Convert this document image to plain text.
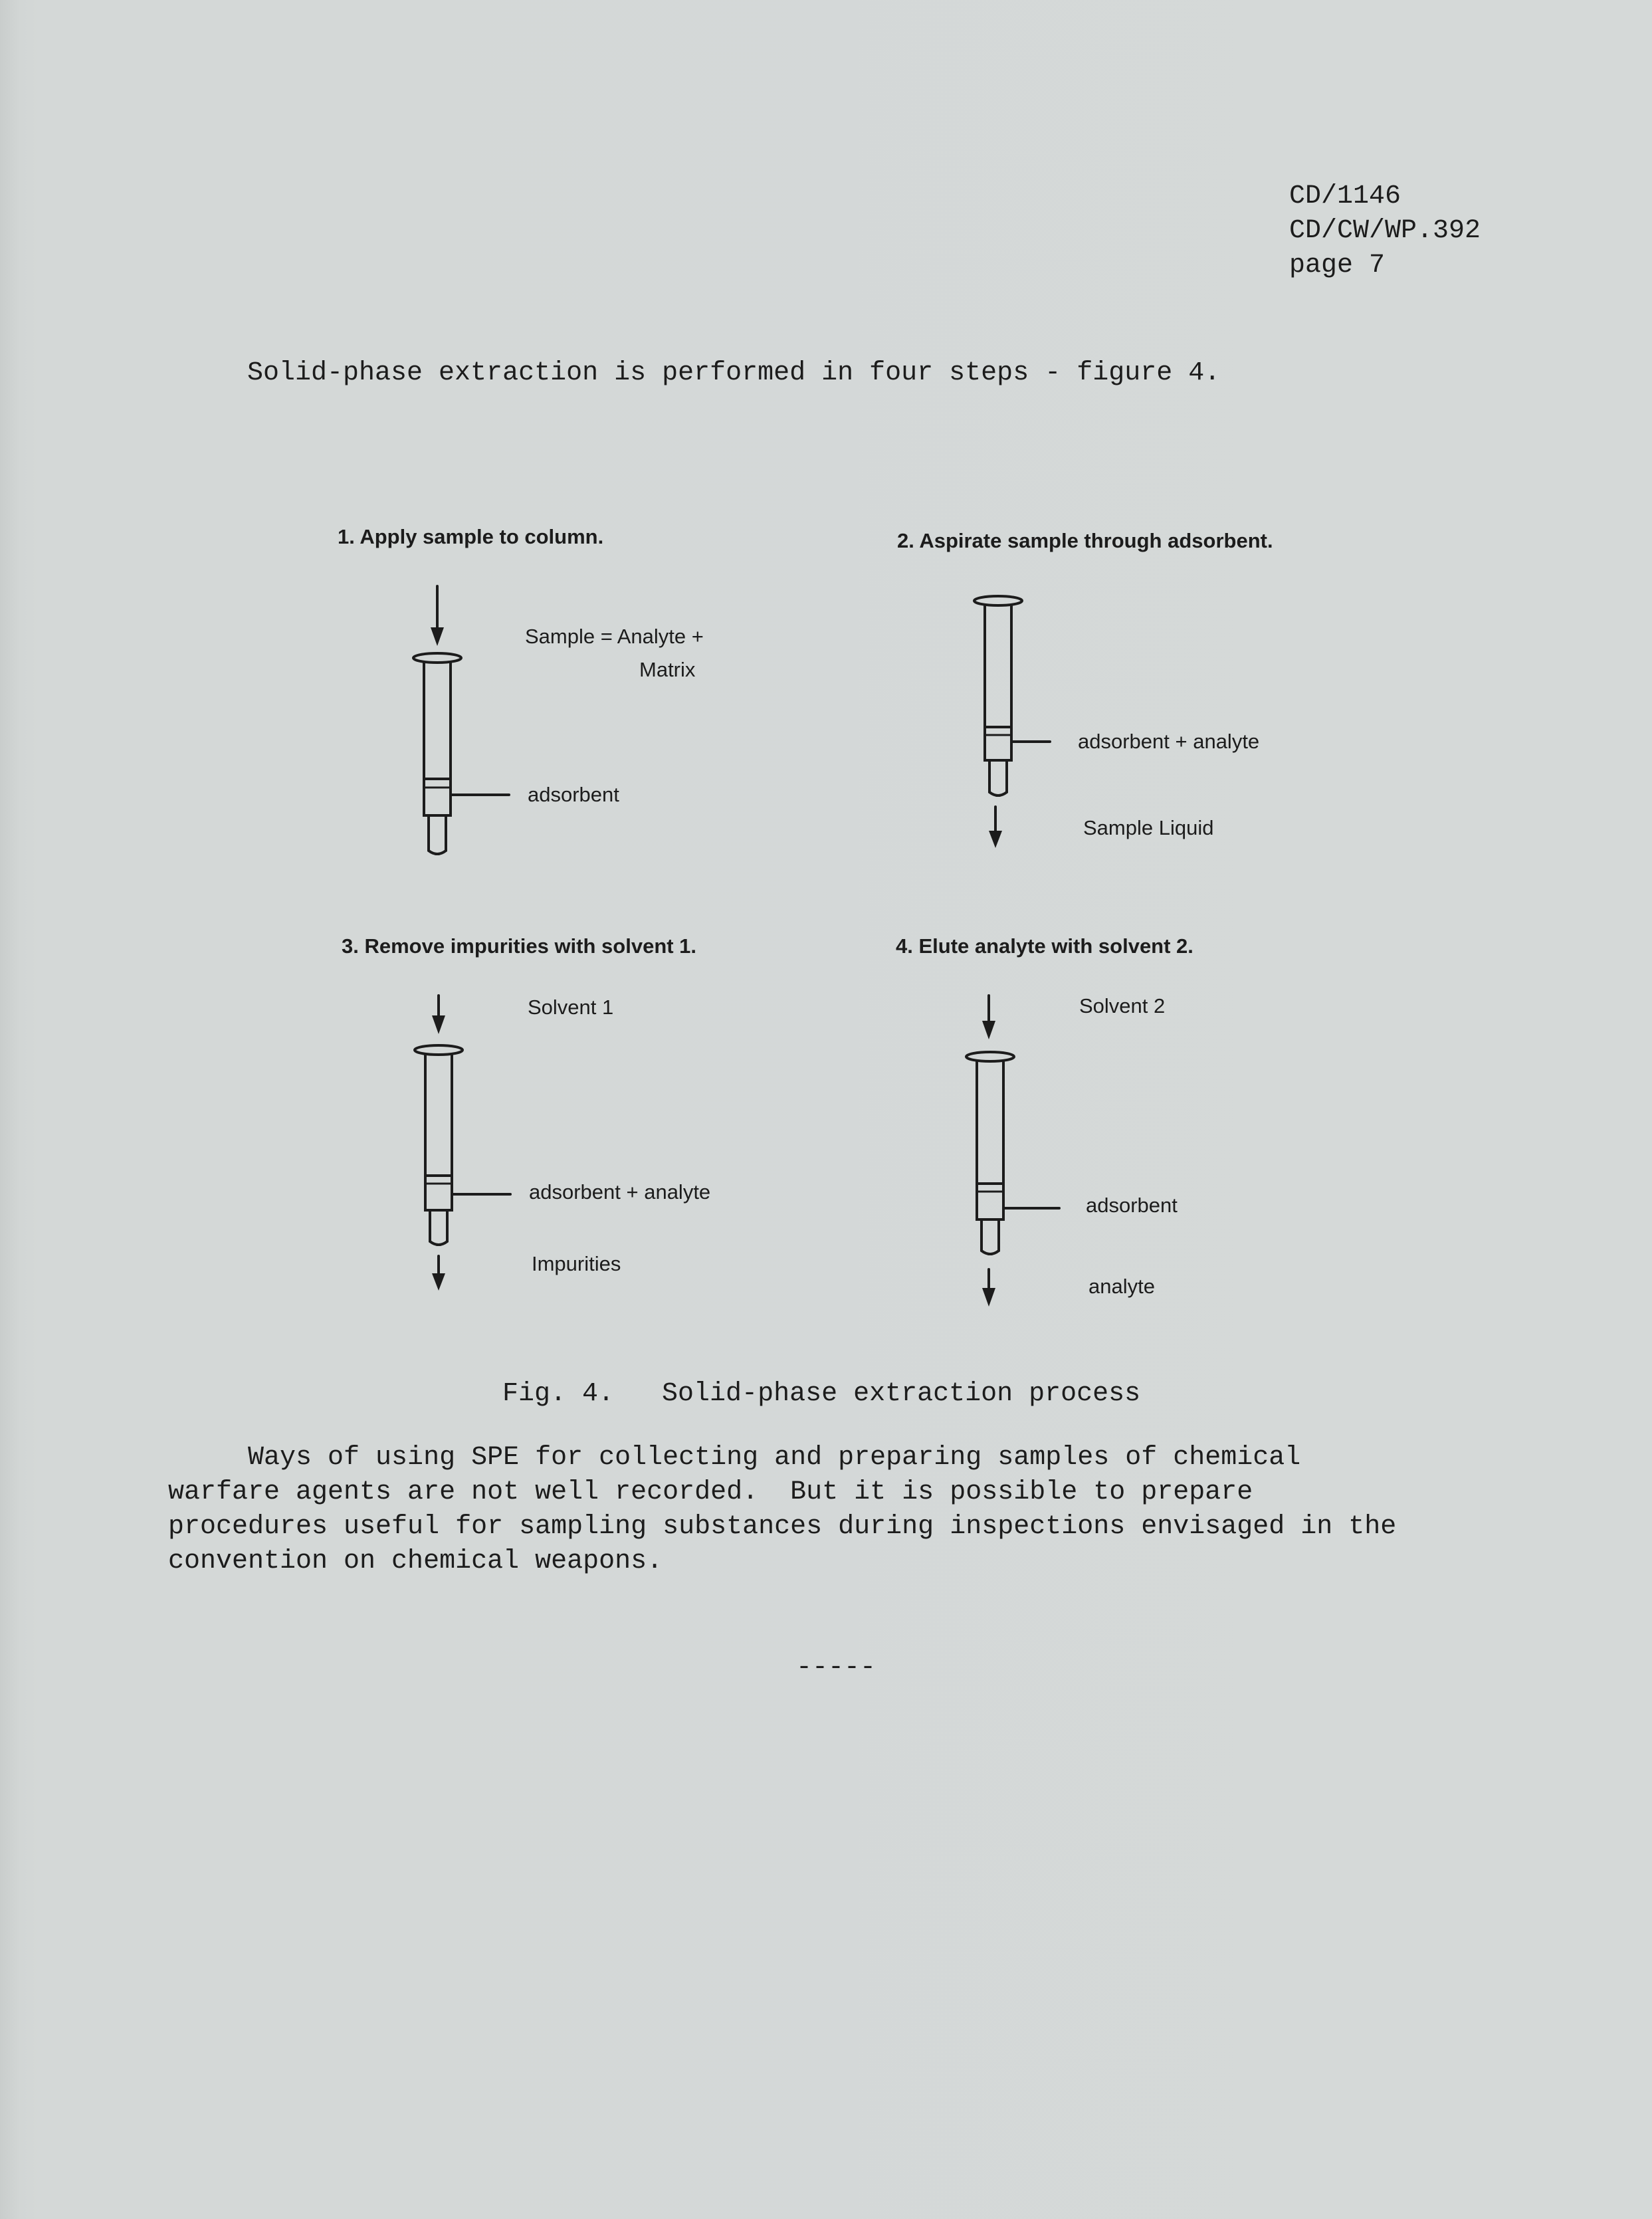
CD/1146
CD/CW/WP.392
page 7
Solid-phase extraction is performed in four steps - figure 4.
1. Apply sample to column.
Sample = Analyte +
Matrix
adsorbent
2. Aspirate sample through adsorbent.
adsorbent + analyte
Sample Liquid
3. Remove impurities with solvent 1.
Solvent 1
adsorbent + analyte
Impurities
4. Elute analyte with solvent 2.
Solvent 2
adsorbent
analyte
Fig. 4.   Solid-phase extraction process
Ways of using SPE for collecting and preparing samples of chemical
warfare agents are not well recorded.  But it is possible to prepare
procedures useful for sampling substances during inspections envisaged in the
convention on chemical weapons.
-----
